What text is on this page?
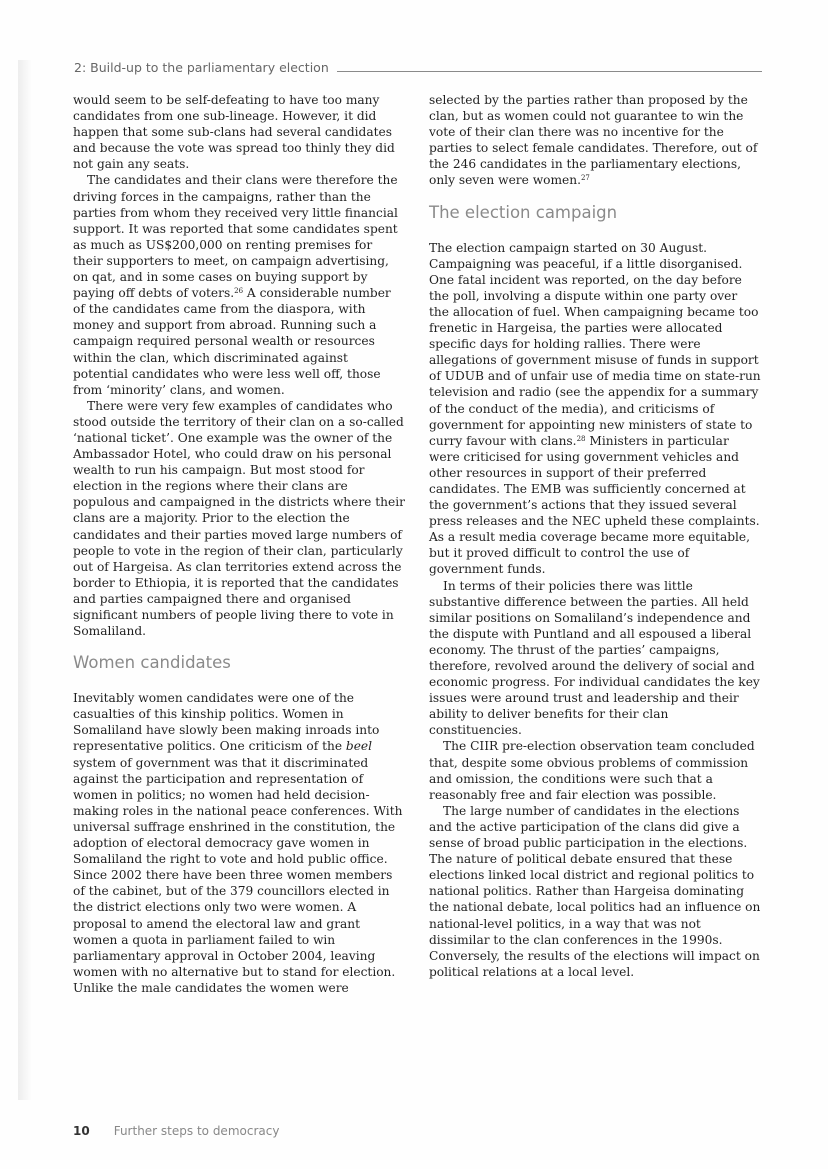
2: Build-up to the parliamentary election

would seem to be self-defeating to have too many candidates from one sub-lineage. However, it did happen that some sub-clans had several candidates and because the vote was spread too thinly they did not gain any seats.

The candidates and their clans were therefore the driving forces in the campaigns, rather than the parties from whom they received very little financial support. It was reported that some candidates spent as much as US$200,000 on renting premises for their supporters to meet, on campaign advertising, on qat, and in some cases on buying support by paying off debts of voters.$^{26}$ A considerable number of the candidates came from the diaspora, with money and support from abroad. Running such a campaign required personal wealth or resources within the clan, which discriminated against potential candidates who were less well off, those from ‘minority’ clans, and women.

There were very few examples of candidates who stood outside the territory of their clan on a so-called ‘national ticket’. One example was the owner of the Ambassador Hotel, who could draw on his personal wealth to run his campaign. But most stood for election in the regions where their clans are populous and campaigned in the districts where their clans are a majority. Prior to the election the candidates and their parties moved large numbers of people to vote in the region of their clan, particularly out of Hargeisa. As clan territories extend across the border to Ethiopia, it is reported that the candidates and parties campaigned there and organised significant numbers of people living there to vote in Somaliland.

Women candidates

Inevitably women candidates were one of the casualties of this kinship politics. Women in Somaliland have slowly been making inroads into representative politics. One criticism of the beel system of government was that it discriminated against the participation and representation of women in politics; no women had held decision-making roles in the national peace conferences. With universal suffrage enshrined in the constitution, the adoption of electoral democracy gave women in Somaliland the right to vote and hold public office. Since 2002 there have been three women members of the cabinet, but of the 379 councillors elected in the district elections only two were women. A proposal to amend the electoral law and grant women a quota in parliament failed to win parliamentary approval in October 2004, leaving women with no alternative but to stand for election. Unlike the male candidates the women were

selected by the parties rather than proposed by the clan, but as women could not guarantee to win the vote of their clan there was no incentive for the parties to select female candidates. Therefore, out of the 246 candidates in the parliamentary elections, only seven were women.$^{27}$

The election campaign

The election campaign started on 30 August. Campaigning was peaceful, if a little disorganised. One fatal incident was reported, on the day before the poll, involving a dispute within one party over the allocation of fuel. When campaigning became too frenetic in Hargeisa, the parties were allocated specific days for holding rallies. There were allegations of government misuse of funds in support of UDUB and of unfair use of media time on state-run television and radio (see the appendix for a summary of the conduct of the media), and criticisms of government for appointing new ministers of state to curry favour with clans.$^{28}$ Ministers in particular were criticised for using government vehicles and other resources in support of their preferred candidates. The EMB was sufficiently concerned at the government’s actions that they issued several press releases and the NEC upheld these complaints. As a result media coverage became more equitable, but it proved difficult to control the use of government funds.

In terms of their policies there was little substantive difference between the parties. All held similar positions on Somaliland’s independence and the dispute with Puntland and all espoused a liberal economy. The thrust of the parties’ campaigns, therefore, revolved around the delivery of social and economic progress. For individual candidates the key issues were around trust and leadership and their ability to deliver benefits for their clan constituencies.

The CIIR pre-election observation team concluded that, despite some obvious problems of commission and omission, the conditions were such that a reasonably free and fair election was possible.

The large number of candidates in the elections and the active participation of the clans did give a sense of broad public participation in the elections. The nature of political debate ensured that these elections linked local district and regional politics to national politics. Rather than Hargeisa dominating the national debate, local politics had an influence on national-level politics, in a way that was not dissimilar to the clan conferences in the 1990s. Conversely, the results of the elections will impact on political relations at a local level.

10 Further steps to democracy
